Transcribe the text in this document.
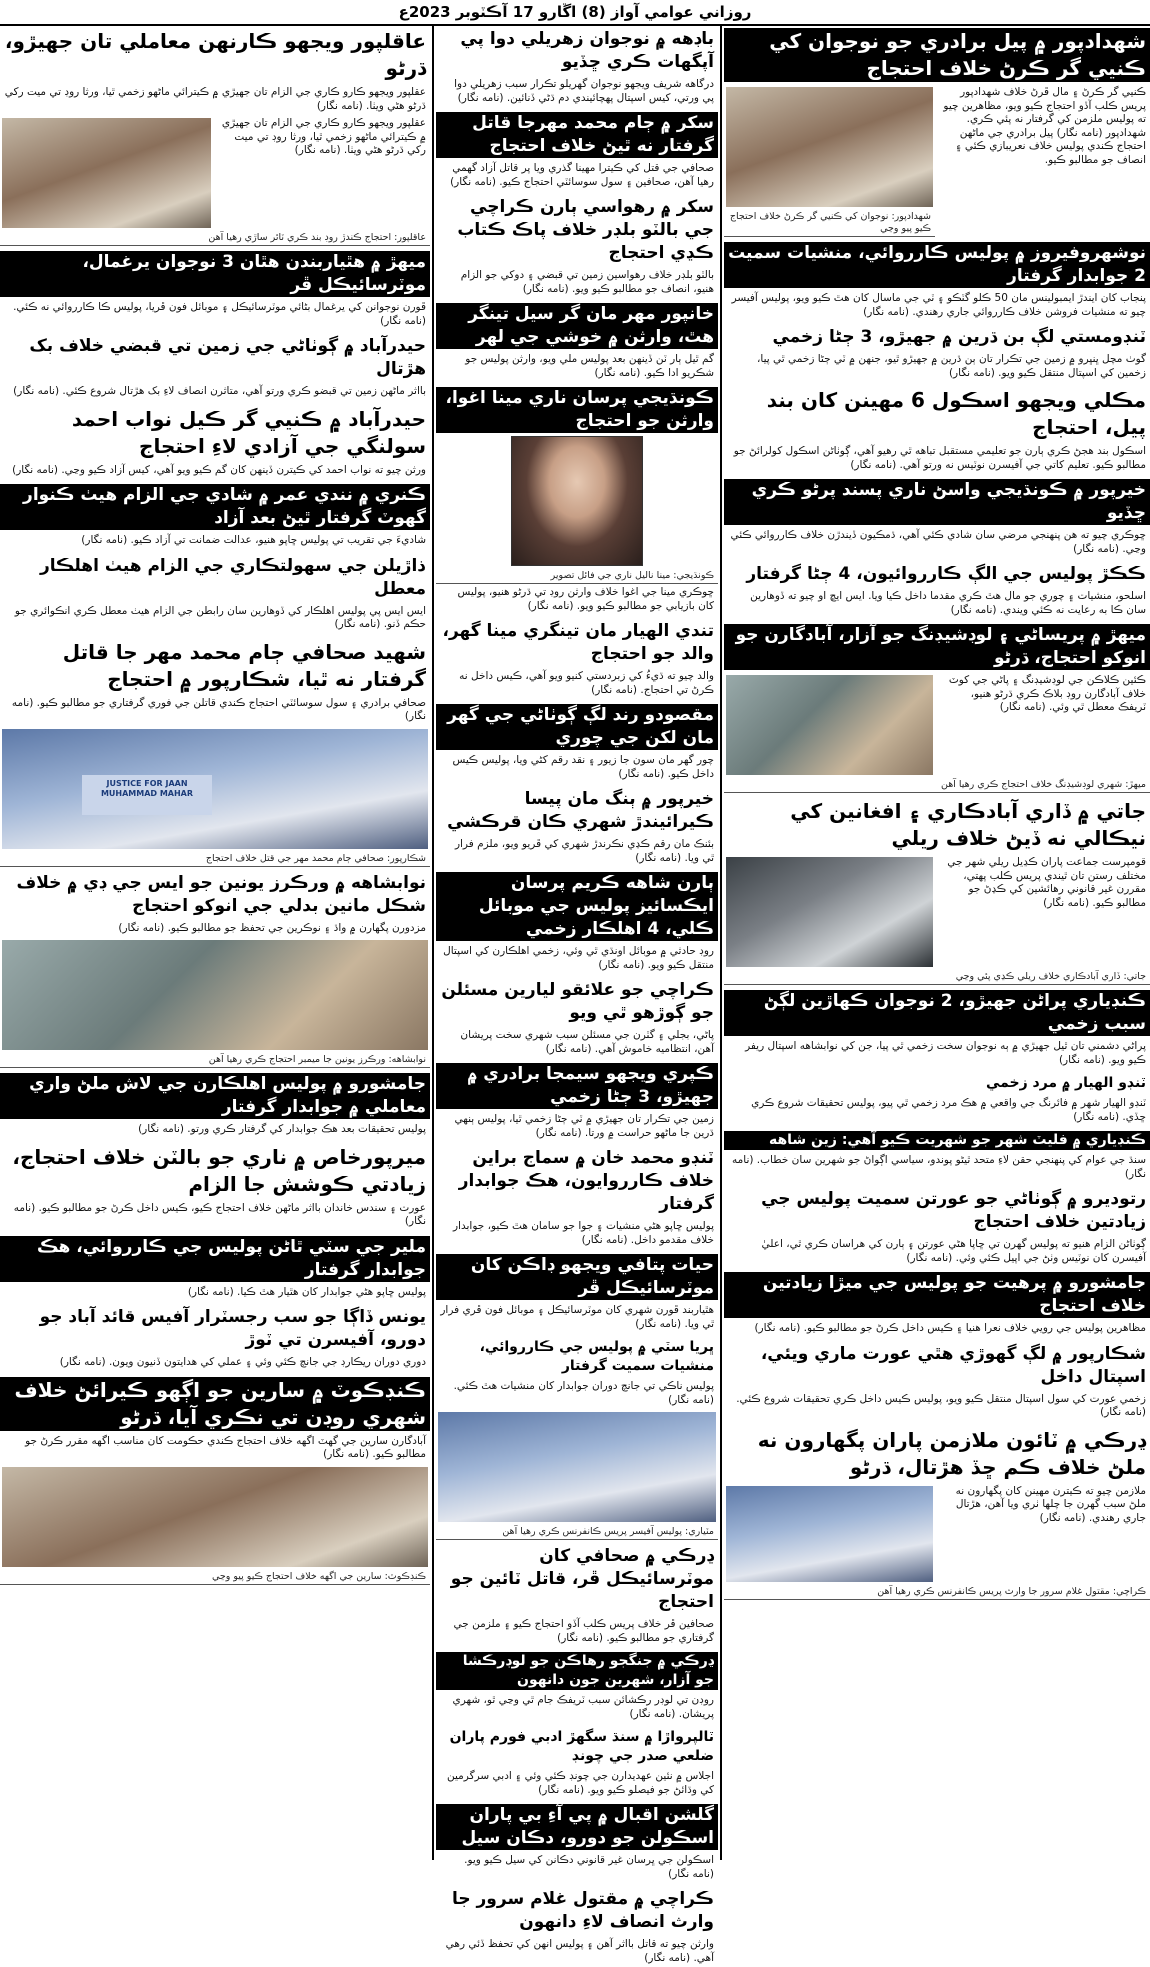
روزاني عوامي آواز (8) اڱارو 17 آڪٽوبر 2023ع
شهدادپور ۾ پيل برادري جو نوجوان کي ڪنيي گر ڪرڻ خلاف احتجاج
ڪنيي گر ڪرڻ ۽ مال ڦرڻ خلاف شهدادپور پريس ڪلب آڏو احتجاج ڪيو ويو، مظاهرين چيو ته پوليس ملزمن کي گرفتار نه پئي ڪري. شهدادپور (نامه نگار) پيل برادري جي ماڻهن احتجاج ڪندي پوليس خلاف نعريبازي ڪئي ۽ انصاف جو مطالبو ڪيو.
شهدادپور: نوجوان کي ڪنيي گر ڪرڻ خلاف احتجاج ڪيو پيو وڃي
نوشهروفيروز ۾ پوليس ڪارروائي، منشيات سميت 2 جوابدار گرفتار
پنجاب کان ايندڙ ايمبولينس مان 50 ڪلو گٽڪو ۽ ٽي جي ماسال کان هٿ ڪيو ويو، پوليس آفيسر چيو ته منشيات فروشن خلاف ڪارروائي جاري رهندي. (نامه نگار)
ٽنڊومستي لڳ بن ڌرين ۾ جهيڙو، 3 ڄڻا زخمي
گوٺ مچل ڀنڀرو ۾ زمين جي تڪرار تان ٻن ڌرين ۾ جهيڙو ٿيو، جنهن ۾ ٽي ڄڻا زخمي ٿي پيا، زخمين کي اسپتال منتقل ڪيو ويو. (نامه نگار)
مڪلي ويجهو اسڪول 6 مهينن کان بند پيل، احتجاج
اسڪول بند هجڻ ڪري ٻارن جو تعليمي مستقبل تباهه ٿي رهيو آهي، ڳوٺاڻن اسڪول کولرائڻ جو مطالبو ڪيو. تعليم کاتي جي آفيسرن نوٽيس نه ورتو آهي. (نامه نگار)
خيرپور ۾ ڪونڌيجي واسڻ ناري پسند پرڻو ڪري ڇڏيو
ڇوڪري چيو ته هن پنهنجي مرضي سان شادي ڪئي آهي، ڌمڪيون ڏيندڙن خلاف ڪارروائي ڪئي وڃي. (نامه نگار)
ڪڪڙ پوليس جي الڳ ڪارروائيون، 4 ڄڻا گرفتار
اسلحو، منشيات ۽ چوري جو مال هٿ ڪري مقدما داخل ڪيا ويا. ايس ايڇ او چيو ته ڏوهارين سان ڪا به رعايت نه ڪئي ويندي. (نامه نگار)
ميهڙ ۾ پريساڻي ۽ لوڊشيڊنگ جو آزار، آبادگارن جو انوکو احتجاج، ڌرڻو
ڪئين ڪلاڪن جي لوڊشيڊنگ ۽ پاڻي جي کوٽ خلاف آبادگارن روڊ بلاڪ ڪري ڌرڻو هنيو، ٽريفڪ معطل ٿي وئي. (نامه نگار)
ميهڙ: شهري لوڊشيڊنگ خلاف احتجاج ڪري رهيا آهن
جاتي ۾ ڏاري آبادڪاري ۽ افغانين کي نيڪالي نه ڏيڻ خلاف ريلي
قومپرست جماعت پاران ڪڍيل ريلي شهر جي مختلف رستن تان ٿيندي پريس ڪلب پهتي، مقررن غير قانوني رهائشين کي ڪڍڻ جو مطالبو ڪيو. (نامه نگار)
جاتي: ڏاري آبادڪاري خلاف ريلي ڪڍي پئي وڃي
ڪنڊياري پراڻن جهيڙو، 2 نوجوان ڪهاڙين لڳڻ سبب زخمي
پراڻي دشمني تان ٿيل جهيڙي ۾ ٻه نوجوان سخت زخمي ٿي پيا، جن کي نوابشاهه اسپتال ريفر ڪيو ويو. (نامه نگار)
ٽنڊو الهيار ۾ مرد زخمي
ٽنڊو الهيار شهر ۾ فائرنگ جي واقعي ۾ هڪ مرد زخمي ٿي پيو، پوليس تحقيقات شروع ڪري ڇڏي. (نامه نگار)
ڪنڊياري ۾ فليٽ شهر جو شهريت ڪيو آهي: زين شاهه
سنڌ جي عوام کي پنهنجي حقن لاءِ متحد ٿيڻو پوندو، سياسي اڳواڻ جو شهرين سان خطاب. (نامه نگار)
رتوديرو ۾ ڳوٺاڻي جو عورتن سميت پوليس جي زيادتين خلاف احتجاج
ڳوٺاڻن الزام هنيو ته پوليس گهرن تي ڇاپا هڻي عورتن ۽ ٻارن کي هراسان ڪري ٿي، اعليٰ آفيسرن کان نوٽيس وٺڻ جي اپيل ڪئي وئي. (نامه نگار)
جامشورو ۾ پرهيت جو پوليس جي ميڙا زيادتين خلاف احتجاج
مظاهرين پوليس جي رويي خلاف نعرا هنيا ۽ ڪيس داخل ڪرڻ جو مطالبو ڪيو. (نامه نگار)
شڪارپور ۾ لڳ گهوڙي هٿي عورت ماري ويئي، اسپتال داخل
زخمي عورت کي سول اسپتال منتقل ڪيو ويو، پوليس ڪيس داخل ڪري تحقيقات شروع ڪئي. (نامه نگار)
ڍرڪي ۾ ٽائون ملازمن پاران پگهارون نه ملڻ خلاف ڪم ڇڏ هڙتال، ڌرڻو
ملازمن چيو ته ڪيترن مهينن کان پگهارون نه ملڻ سبب گهرن جا چلها ٺري ويا آهن، هڙتال جاري رهندي. (نامه نگار)
ڪراچي: مقتول غلام سرور جا وارث پريس ڪانفرنس ڪري رهيا آهن
باڊهه ۾ نوجوان زهريلي دوا پي آپگهات ڪري ڇڏيو
درگاهه شريف ويجهو نوجوان گهريلو تڪرار سبب زهريلي دوا پي ورتي، کيس اسپتال پهچائيندي دم ڌڻي ڏنائين. (نامه نگار)
سکر ۾ ڄام محمد مهرجا قاتل گرفتار نه ٿيڻ خلاف احتجاج
صحافي جي قتل کي ڪيترا مهينا گذري ويا پر قاتل آزاد گهمي رهيا آهن، صحافين ۽ سول سوسائٽي احتجاج ڪيو. (نامه نگار)
سکر ۾ رهواسي ٻارن ڪراچي جي بالٽو بلڊر خلاف پاڪ ڪتاب ڪڍي احتجاج
بالٽو بلڊر خلاف رهواسين زمين تي قبضي ۽ دوکي جو الزام هنيو، انصاف جو مطالبو ڪيو ويو. (نامه نگار)
خانپور مهر مان گر سيل تينگر هٿ، وارثن ۾ خوشي جي لهر
گم ٿيل ٻار ٽن ڏينهن بعد پوليس ملي ويو، وارثن پوليس جو شڪريو ادا ڪيو. (نامه نگار)
ڪونڌيجي پرسان ناري مينا اغوا، وارثن جو احتجاج
ڪونڌيجي: مينا ناليل ناري جي فائل تصوير
ڇوڪري مينا جي اغوا خلاف وارثن روڊ تي ڌرڻو هنيو، پوليس کان بازيابي جو مطالبو ڪيو ويو. (نامه نگار)
تندي الهيار مان تينگري مينا گهر، والد جو احتجاج
والد چيو ته ڌيءُ کي زبردستي کنيو ويو آهي، ڪيس داخل نه ڪرڻ تي احتجاج. (نامه نگار)
مقصودو رند لڳ ڳوٺاڻي جي گهر مان لکن جي چوري
چور گهر مان سون جا زيور ۽ نقد رقم کڻي ويا، پوليس ڪيس داخل ڪيو. (نامه نگار)
خيرپور ۾ ٻنگ مان پيسا ڪيرائيندڙ شهري ڪان قرڪشي
بئنڪ مان رقم ڪڍي نڪرندڙ شهري کي ڦريو ويو، ملزم فرار ٿي ويا. (نامه نگار)
ٻارن شاهه ڪريم پرسان ايڪسائيز پوليس جي موبائل ڪلي، 4 اهلڪار زخمي
روڊ حادثي ۾ موبائل اونڌي ٿي وئي، زخمي اهلڪارن کي اسپتال منتقل ڪيو ويو. (نامه نگار)
ڪراچي جو علائقو ليارين مسئلن جو ڳوڙهو ٿي ويو
پاڻي، بجلي ۽ گٽرن جي مسئلن سبب شهري سخت پريشان آهن، انتظاميه خاموش آهي. (نامه نگار)
ڪپري ويجهو سيمجا برادري ۾ جهيڙو، 3 ڄڻا زخمي
زمين جي تڪرار تان جهيڙي ۾ ٽي ڄڻا زخمي ٿيا، پوليس ٻنهي ڌرين جا ماڻهو حراست ۾ ورتا. (نامه نگار)
ٽنڊو محمد خان ۾ سماج براين خلاف ڪارروايون، هڪ جوابدار گرفتار
پوليس ڇاپو هڻي منشيات ۽ جوا جو سامان هٿ ڪيو، جوابدار خلاف مقدمو داخل. (نامه نگار)
حيات پتافي ويجهو ڊاڪن کان موٽرسائيڪل ڦر
هٿياربند ڦورن شهري کان موٽرسائيڪل ۽ موبائل فون ڦري فرار ٿي ويا. (نامه نگار)
ڀريا سٽي ۾ پوليس جي ڪارروائي، منشيات سميت گرفتار
پوليس ناڪي تي جانچ دوران جوابدار کان منشيات هٿ ڪئي. (نامه نگار)
مٽياري: پوليس آفيسر پريس ڪانفرنس ڪري رهيا آهن
ڍرڪي ۾ صحافي کان موٽرسائيڪل ڦر، قاتل ٽائين جو احتجاج
صحافين ڦر خلاف پريس ڪلب آڏو احتجاج ڪيو ۽ ملزمن جي گرفتاري جو مطالبو ڪيو. (نامه نگار)
ڍرڪي ۾ جنگجو رهاڪن جو لوڊرڪشا جو آزار، شهرين جون دانهون
روڊن تي لوڊر رڪشائن سبب ٽريفڪ جام ٿي وڃي ٿو، شهري پريشان. (نامه نگار)
ٽالپرواڙا ۾ سنڌ سگهڙ ادبي فورم پاران ضلعي صدر جي چونڊ
اجلاس ۾ نئين عهديدارن جي چونڊ ڪئي وئي ۽ ادبي سرگرمين کي وڌائڻ جو فيصلو ڪيو ويو. (نامه نگار)
گلشن اقبال ۾ پي آءِ بي پاران اسڪولن جو دورو، دڪان سيل
اسڪولن جي ڀرسان غير قانوني دڪانن کي سيل ڪيو ويو. (نامه نگار)
ڪراچي ۾ مقتول غلام سرور جا وارث انصاف لاءِ دانهون
وارثن چيو ته قاتل بااثر آهن ۽ پوليس انهن کي تحفظ ڏئي رهي آهي. (نامه نگار)
عاقلپور ويجهو ڪارنهن معاملي تان جهيڙو، ڌرڻو
عقلپور ويجهو ڪارو ڪاري جي الزام تان جهيڙي ۾ ڪيترائي ماڻهو زخمي ٿيا، ورثا روڊ تي ميت رکي ڌرڻو هڻي ويٺا. (نامه نگار)
عقلپور ويجهو ڪارو ڪاري جي الزام تان جهيڙي ۾ ڪيترائي ماڻهو زخمي ٿيا، ورثا روڊ تي ميت رکي ڌرڻو هڻي ويٺا. (نامه نگار)
عاقلپور: احتجاج ڪندڙ روڊ بند ڪري ٽائر ساڙي رهيا آهن
ميهڙ ۾ هٿياربندن هٿان 3 نوجوان يرغمال، موٽرسائيڪل ڦر
ڦورن نوجوانن کي يرغمال بڻائي موٽرسائيڪل ۽ موبائل فون ڦريا، پوليس ڪا ڪارروائي نه ڪئي. (نامه نگار)
حيدرآباد ۾ ڳوٺاڻي جي زمين تي قبضي خلاف بک هڙتال
بااثر ماڻهن زمين تي قبضو ڪري ورتو آهي، متاثرن انصاف لاءِ بک هڙتال شروع ڪئي. (نامه نگار)
حيدرآباد ۾ ڪنيي گر ڪيل نواب احمد سولنگي جي آزادي لاءِ احتجاج
ورثن چيو ته نواب احمد کي ڪيترن ڏينهن کان گم ڪيو ويو آهي، کيس آزاد ڪيو وڃي. (نامه نگار)
ڪنري ۾ نندي عمر ۾ شادي جي الزام هيٺ ڪنوار گهوٽ گرفتار ٿيڻ بعد آزاد
شاديءَ جي تقريب تي پوليس ڇاپو هنيو، عدالت ضمانت تي آزاد ڪيو. (نامه نگار)
ذاڙيلن جي سهولتڪاري جي الزام هيٺ اهلڪار معطل
ايس ايس پي پوليس اهلڪار کي ڏوهارين سان رابطن جي الزام هيٺ معطل ڪري انڪوائري جو حڪم ڏنو. (نامه نگار)
شهيد صحافي ڄام محمد مهر جا قاتل گرفتار نه ٿيا، شڪارپور ۾ احتجاج
صحافي برادري ۽ سول سوسائٽي احتجاج ڪندي قاتلن جي فوري گرفتاري جو مطالبو ڪيو. (نامه نگار)
JUSTICE FOR JAAN MUHAMMAD MAHAR
شڪارپور: صحافي ڄام محمد مهر جي قتل خلاف احتجاج
نوابشاهه ۾ ورڪرز يونين جو ايس جي ڊي ۾ خلاف شڪل مانين بدلي جي انوکو احتجاج
مزدورن پگهارن ۾ واڌ ۽ نوڪرين جي تحفظ جو مطالبو ڪيو. (نامه نگار)
نوابشاهه: ورڪرز يونين جا ميمبر احتجاج ڪري رهيا آهن
جامشورو ۾ پوليس اهلڪارن جي لاش ملڻ واري معاملي ۾ جوابدار گرفتار
پوليس تحقيقات بعد هڪ جوابدار کي گرفتار ڪري ورتو. (نامه نگار)
ميرپورخاص ۾ ناري جو بالٽن خلاف احتجاج، زيادتي ڪوشش جا الزام
عورت ۽ سندس خاندان بااثر ماڻهن خلاف احتجاج ڪيو، ڪيس داخل ڪرڻ جو مطالبو ڪيو. (نامه نگار)
ملير جي سٽي ٿاڻن پوليس جي ڪارروائي، هڪ جوابدار گرفتار
پوليس ڇاپو هڻي جوابدار کان هٿيار هٿ ڪيا. (نامه نگار)
يونس ڏاڳا جو سب رجسٽرار آفيس قائد آباد جو دورو، آفيسرن تي ٽوڙ
دوري دوران ريڪارڊ جي جانچ ڪئي وئي ۽ عملي کي هدايتون ڏنيون ويون. (نامه نگار)
ڪنڊڪوٽ ۾ سارين جو اڳهو ڪيرائڻ خلاف شهري روڊن تي نڪري آيا، ڌرڻو
آبادگارن سارين جي گهٽ اگهه خلاف احتجاج ڪندي حڪومت کان مناسب اگهه مقرر ڪرڻ جو مطالبو ڪيو. (نامه نگار)
ڪنڊڪوٽ: سارين جي اگهه خلاف احتجاج ڪيو پيو وڃي
